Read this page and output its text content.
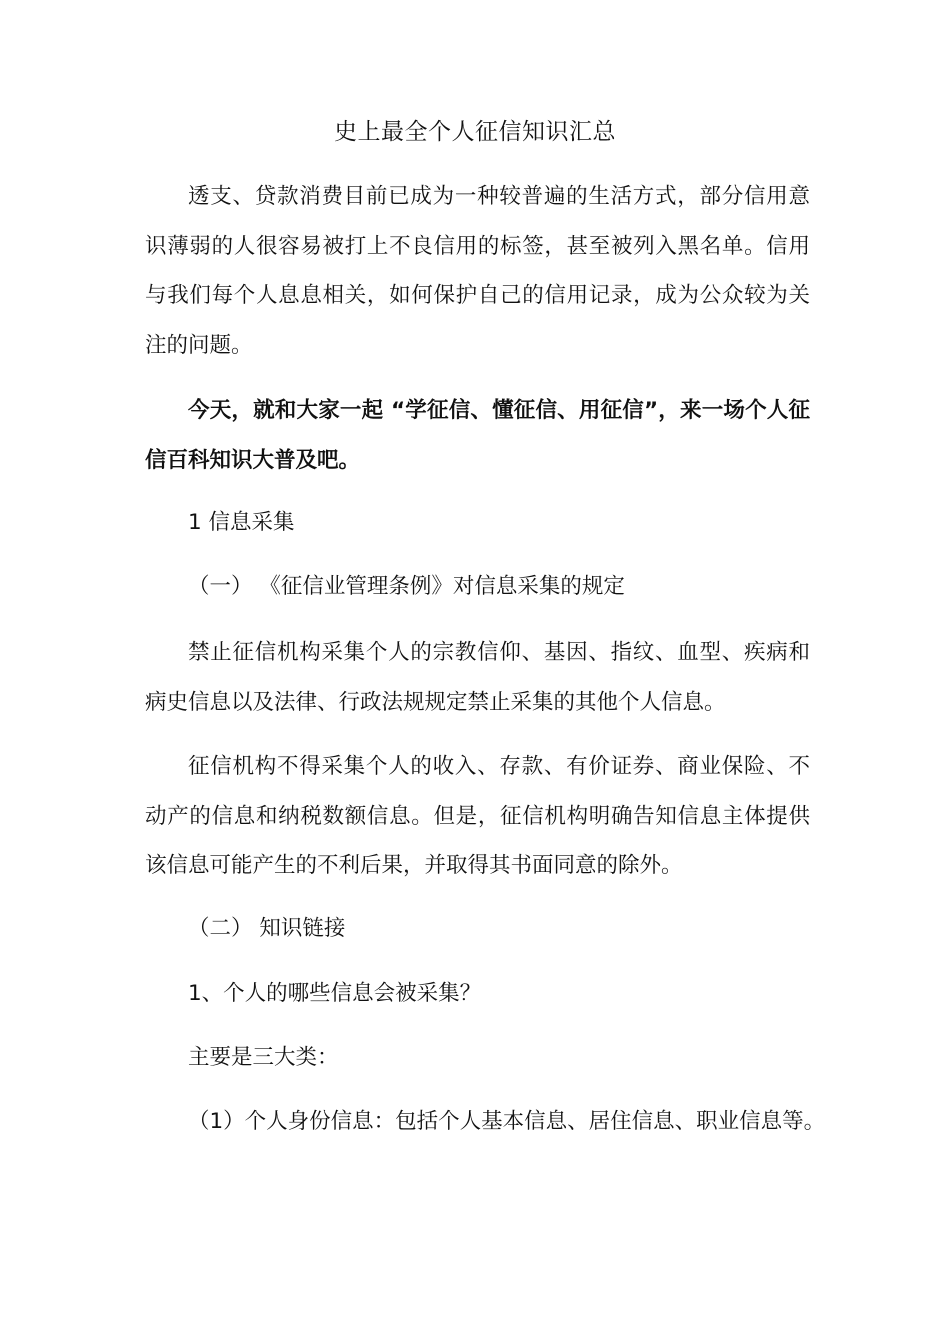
史上最全个人征信知识汇总

透支、贷款消费目前已成为一种较普遍的生活方式，部分信用意识薄弱的人很容易被打上不良信用的标签，甚至被列入黑名单。信用与我们每个人息息相关，如何保护自己的信用记录，成为公众较为关注的问题。

今天，就和大家一起 “学征信、懂征信、用征信”，来一场个人征信百科知识大普及吧。

1 信息采集

（一） 《征信业管理条例》对信息采集的规定

禁止征信机构采集个人的宗教信仰、基因、指纹、血型、疾病和病史信息以及法律、行政法规规定禁止采集的其他个人信息。

征信机构不得采集个人的收入、存款、有价证券、商业保险、不动产的信息和纳税数额信息。但是，征信机构明确告知信息主体提供该信息可能产生的不利后果，并取得其书面同意的除外。

（二） 知识链接

1、个人的哪些信息会被采集？

主要是三大类：

（1）个人身份信息：包括个人基本信息、居住信息、职业信息等。
